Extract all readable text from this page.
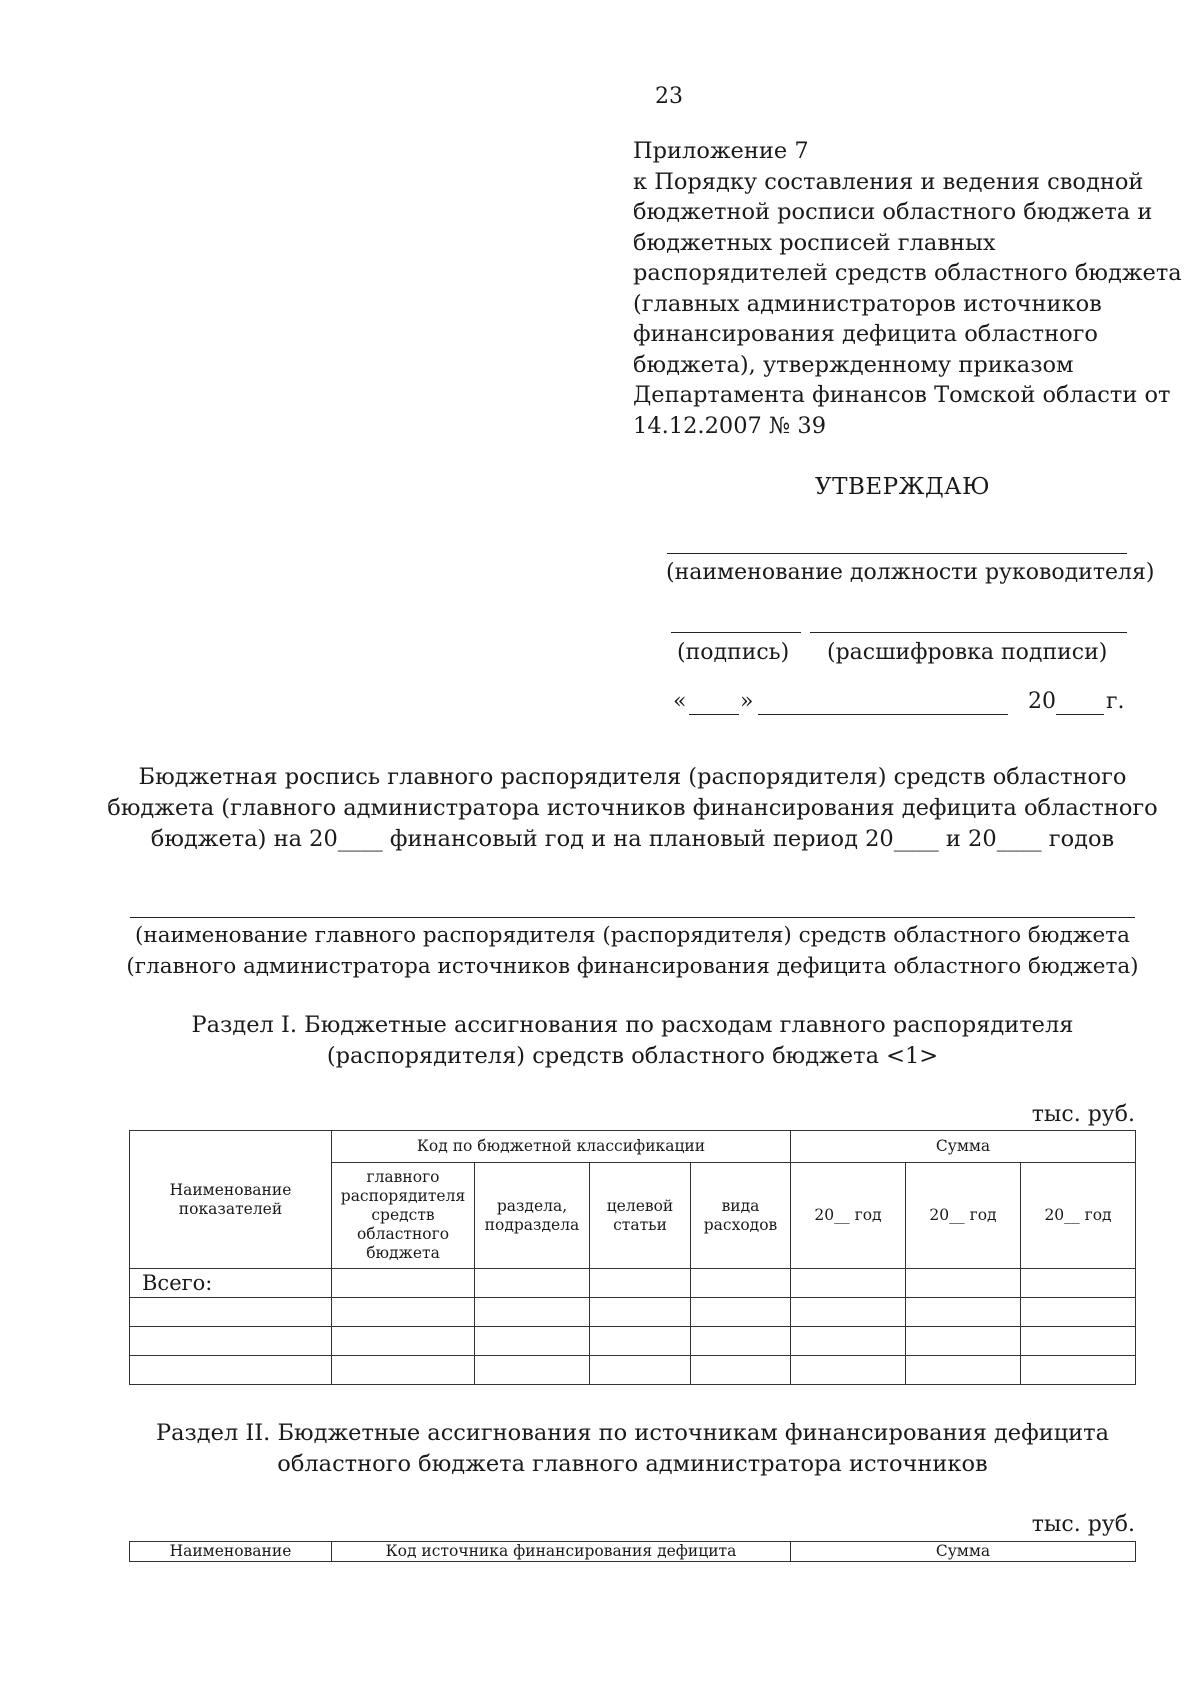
23
Приложение 7
к Порядку составления и ведения сводной
бюджетной росписи областного бюджета и
бюджетных росписей главных
распорядителей средств областного бюджета
(главных администраторов источников
финансирования дефицита областного
бюджета), утвержденному приказом
Департамента финансов Томской области от
14.12.2007 № 39
УТВЕРЖДАЮ
(наименование должности руководителя)
(подпись) (расшифровка подписи)
« »	20 г.
Бюджетная роспись главного распорядителя (распорядителя) средств областного
бюджета (главного администратора источников финансирования дефицита областного
бюджета) на 20____ финансовый год и на плановый период 20____ и 20____ годов
(наименование главного распорядителя (распорядителя) средств областного бюджета
(главного администратора источников финансирования дефицита областного бюджета)
Раздел I. Бюджетные ассигнования по расходам главного распорядителя
(распорядителя) средств областного бюджета <1>
тыс. руб.
Наименование показателей	Код по бюджетной классификации				Сумма		
	главного распорядителя средств областного бюджета	раздела, подраздела	целевой статьи	вида расходов	20__ год	20__ год	20__ год
Всего:							

Раздел II. Бюджетные ассигнования по источникам финансирования дефицита
областного бюджета главного администратора источников
тыс. руб.
Наименование	Код источника финансирования дефицита	Сумма
